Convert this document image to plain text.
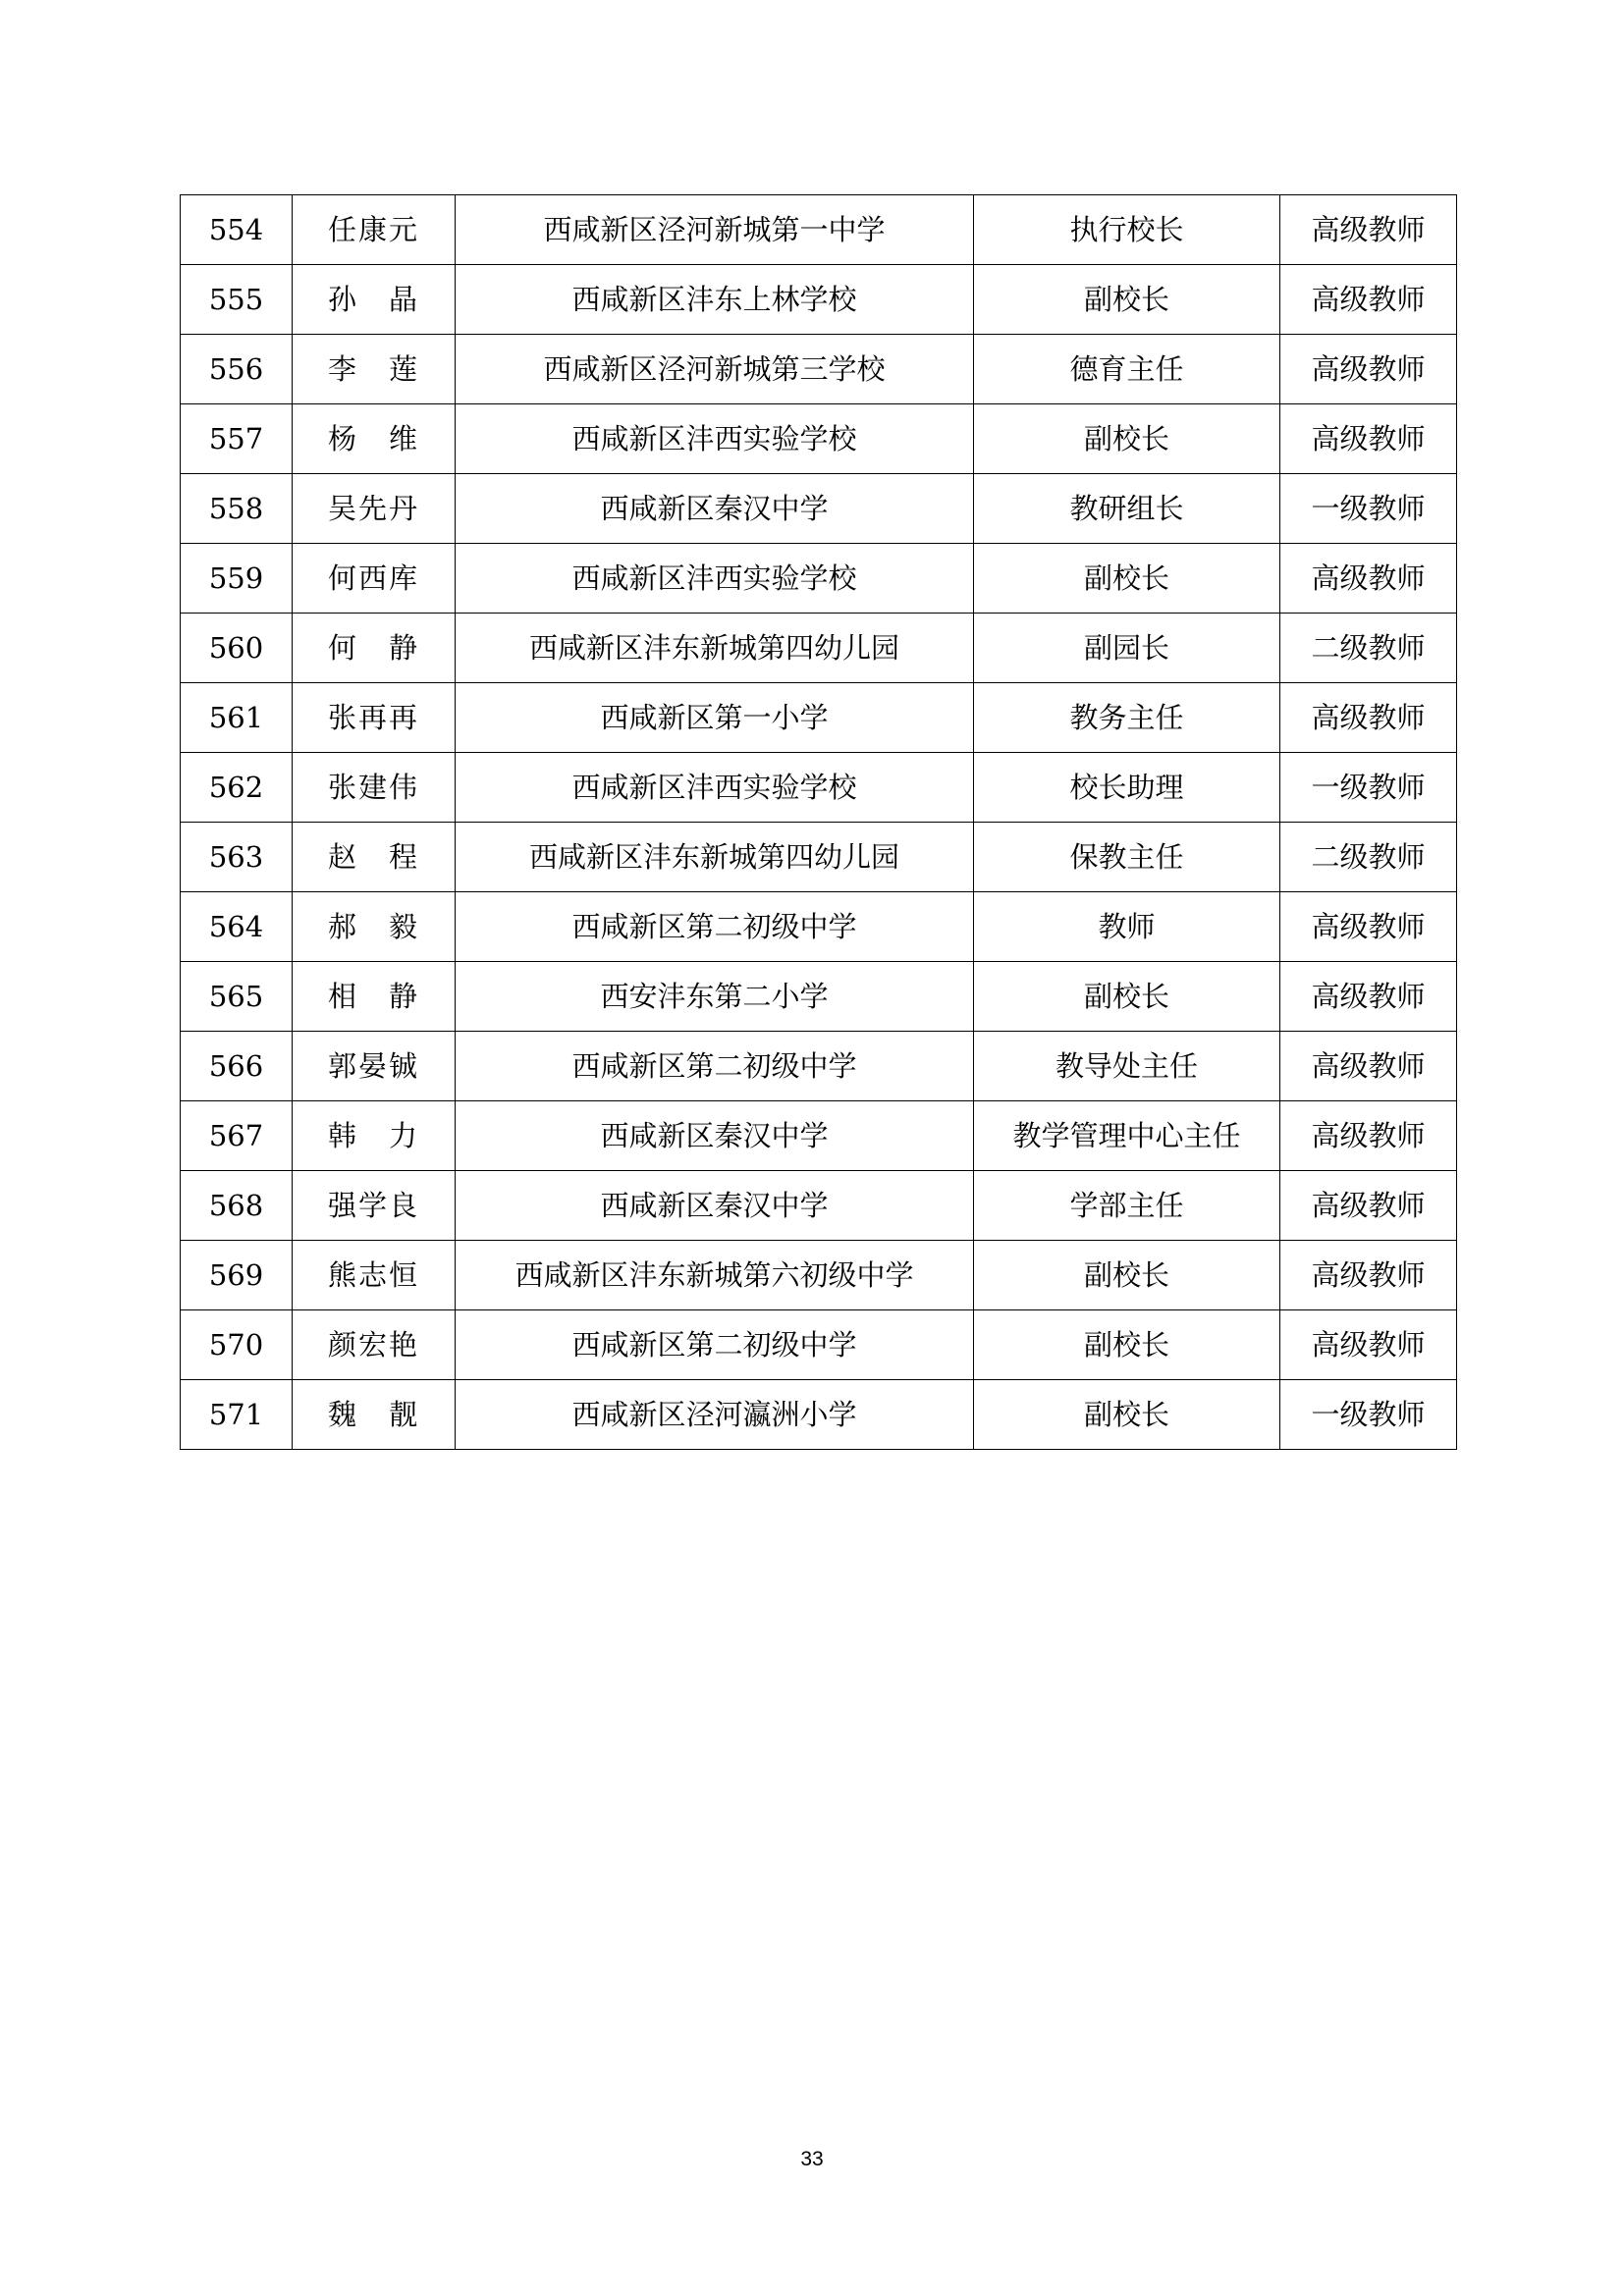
554	任康元	西咸新区泾河新城第一中学	执行校长	高级教师
555	孙　晶	西咸新区沣东上林学校	副校长	高级教师
556	李　莲	西咸新区泾河新城第三学校	德育主任	高级教师
557	杨　维	西咸新区沣西实验学校	副校长	高级教师
558	吴先丹	西咸新区秦汉中学	教研组长	一级教师
559	何西库	西咸新区沣西实验学校	副校长	高级教师
560	何　静	西咸新区沣东新城第四幼儿园	副园长	二级教师
561	张再再	西咸新区第一小学	教务主任	高级教师
562	张建伟	西咸新区沣西实验学校	校长助理	一级教师
563	赵　程	西咸新区沣东新城第四幼儿园	保教主任	二级教师
564	郝　毅	西咸新区第二初级中学	教师	高级教师
565	相　静	西安沣东第二小学	副校长	高级教师
566	郭晏铖	西咸新区第二初级中学	教导处主任	高级教师
567	韩　力	西咸新区秦汉中学	教学管理中心主任	高级教师
568	强学良	西咸新区秦汉中学	学部主任	高级教师
569	熊志恒	西咸新区沣东新城第六初级中学	副校长	高级教师
570	颜宏艳	西咸新区第二初级中学	副校长	高级教师
571	魏　靓	西咸新区泾河瀛洲小学	副校长	一级教师
33
